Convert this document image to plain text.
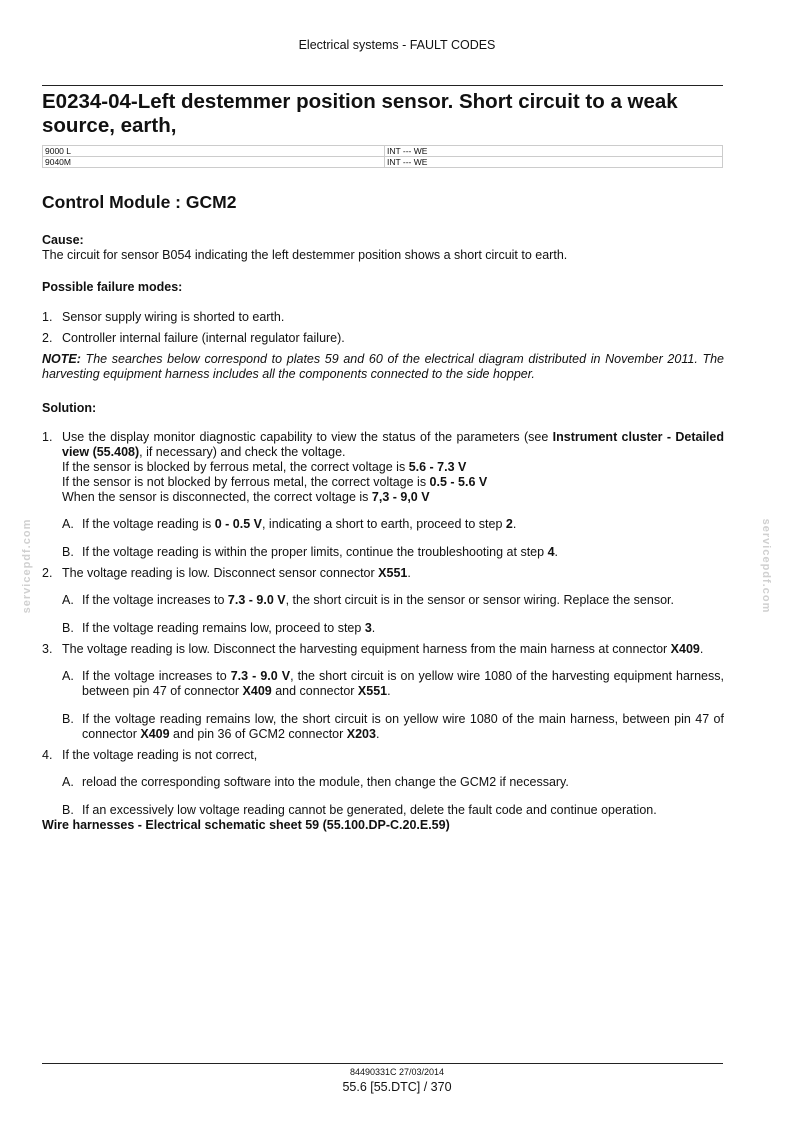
Electrical systems - FAULT CODES
E0234-04-Left destemmer position sensor. Short circuit to a weak source, earth,
9000 L	INT --- WE
9040M	INT --- WE
Control Module : GCM2

Cause:

The circuit for sensor B054 indicating the left destemmer position shows a short circuit to earth.

Possible failure modes:

1. Sensor supply wiring is shorted to earth.
2. Controller internal failure (internal regulator failure).

NOTE: The searches below correspond to plates 59 and 60 of the electrical diagram distributed in November 2011. The harvesting equipment harness includes all the components connected to the side hopper.

Solution:

1. Use the display monitor diagnostic capability to view the status of the parameters (see Instrument cluster - Detailed view (55.408), if necessary) and check the voltage.
If the sensor is blocked by ferrous metal, the correct voltage is 5.6 - 7.3 V
If the sensor is not blocked by ferrous metal, the correct voltage is 0.5 - 5.6 V
When the sensor is disconnected, the correct voltage is 7,3 - 9,0 V
A. If the voltage reading is 0 - 0.5 V, indicating a short to earth, proceed to step 2.
B. If the voltage reading is within the proper limits, continue the troubleshooting at step 4.
2. The voltage reading is low. Disconnect sensor connector X551.
A. If the voltage increases to 7.3 - 9.0 V, the short circuit is in the sensor or sensor wiring. Replace the sensor.
B. If the voltage reading remains low, proceed to step 3.
3. The voltage reading is low. Disconnect the harvesting equipment harness from the main harness at connector X409.
A. If the voltage increases to 7.3 - 9.0 V, the short circuit is on yellow wire 1080 of the harvesting equipment harness, between pin 47 of connector X409 and connector X551.
B. If the voltage reading remains low, the short circuit is on yellow wire 1080 of the main harness, between pin 47 of connector X409 and pin 36 of GCM2 connector X203.
4. If the voltage reading is not correct,
A. reload the corresponding software into the module, then change the GCM2 if necessary.
B. If an excessively low voltage reading cannot be generated, delete the fault code and continue operation.

Wire harnesses - Electrical schematic sheet 59 (55.100.DP-C.20.E.59)

servicepdf.com	servicepdf.com
84490331C 27/03/2014
55.6 [55.DTC] / 370
